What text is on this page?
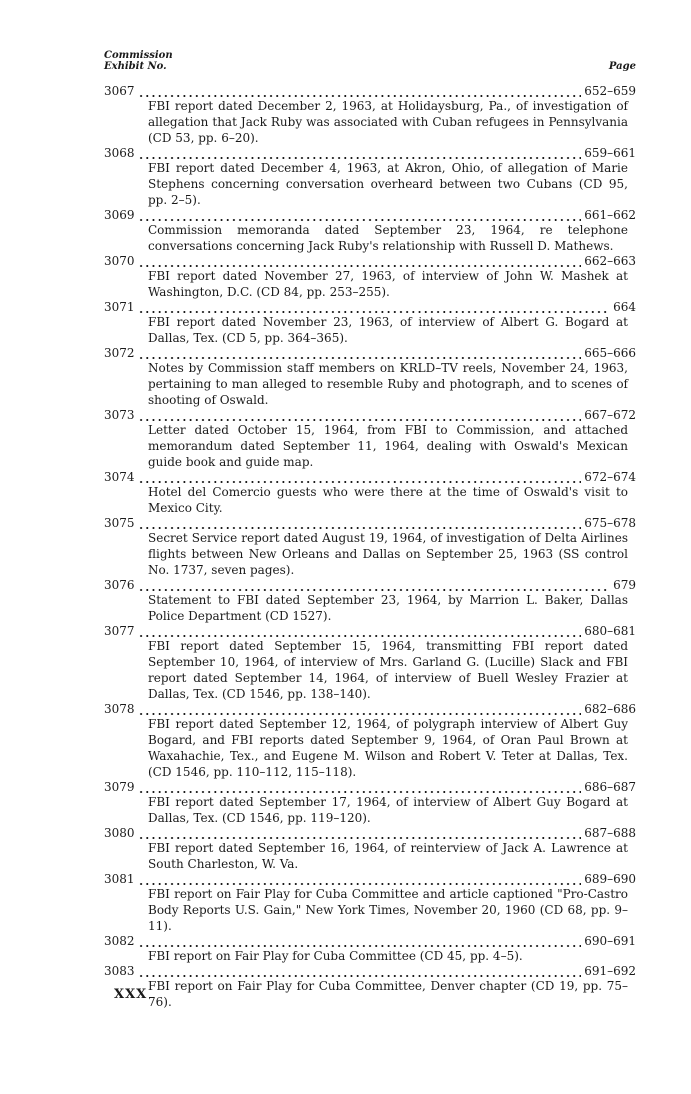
Commission
Exhibit No.	Page
3067	652–659
FBI report dated December 2, 1963, at Holidaysburg, Pa., of investigation of allegation that Jack Ruby was associated with Cuban refugees in Pennsylvania (CD 53, pp. 6–20).
3068	659–661
FBI report dated December 4, 1963, at Akron, Ohio, of allegation of Marie Stephens concerning conversation overheard between two Cubans (CD 95, pp. 2–5).
3069	661–662
Commission memoranda dated September 23, 1964, re telephone conversations concerning Jack Ruby's relationship with Russell D. Mathews.
3070	662–663
FBI report dated November 27, 1963, of interview of John W. Mashek at Washington, D.C. (CD 84, pp. 253–255).
3071	664
FBI report dated November 23, 1963, of interview of Albert G. Bogard at Dallas, Tex. (CD 5, pp. 364–365).
3072	665–666
Notes by Commission staff members on KRLD–TV reels, November 24, 1963, pertaining to man alleged to resemble Ruby and photograph, and to scenes of shooting of Oswald.
3073	667–672
Letter dated October 15, 1964, from FBI to Commission, and attached memorandum dated September 11, 1964, dealing with Oswald's Mexican guide book and guide map.
3074	672–674
Hotel del Comercio guests who were there at the time of Oswald's visit to Mexico City.
3075	675–678
Secret Service report dated August 19, 1964, of investigation of Delta Airlines flights between New Orleans and Dallas on September 25, 1963 (SS control No. 1737, seven pages).
3076	679
Statement to FBI dated September 23, 1964, by Marrion L. Baker, Dallas Police Department (CD 1527).
3077	680–681
FBI report dated September 15, 1964, transmitting FBI report dated September 10, 1964, of interview of Mrs. Garland G. (Lucille) Slack and FBI report dated September 14, 1964, of interview of Buell Wesley Frazier at Dallas, Tex. (CD 1546, pp. 138–140).
3078	682–686
FBI report dated September 12, 1964, of polygraph interview of Albert Guy Bogard, and FBI reports dated September 9, 1964, of Oran Paul Brown at Waxahachie, Tex., and Eugene M. Wilson and Robert V. Teter at Dallas, Tex. (CD 1546, pp. 110–112, 115–118).
3079	686–687
FBI report dated September 17, 1964, of interview of Albert Guy Bogard at Dallas, Tex. (CD 1546, pp. 119–120).
3080	687–688
FBI report dated September 16, 1964, of reinterview of Jack A. Lawrence at South Charleston, W. Va.
3081	689–690
FBI report on Fair Play for Cuba Committee and article captioned "Pro-Castro Body Reports U.S. Gain," New York Times, November 20, 1960 (CD 68, pp. 9–11).
3082	690–691
FBI report on Fair Play for Cuba Committee (CD 45, pp. 4–5).
3083	691–692
FBI report on Fair Play for Cuba Committee, Denver chapter (CD 19, pp. 75–76).
XXX
